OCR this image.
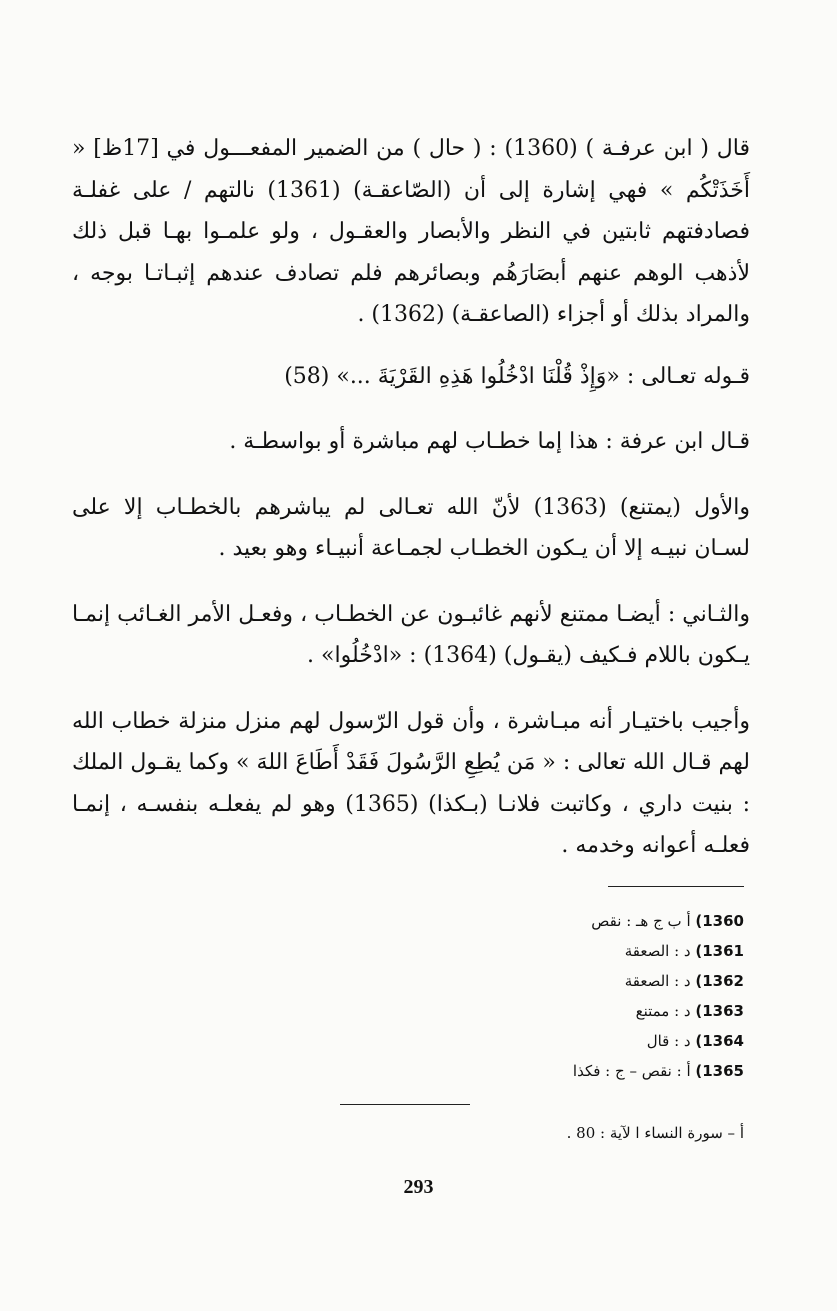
قال ( ابن عرفـة ) (1360) : ( حال ) من الضمير المفعـــول في [17ظ] « أَخَذَتْكُم » فهي إشارة إلى أن (الصّاعقـة) (1361) نالتهم / على غفلـة فصادفتهم ثابتين في النظر والأبصار والعقـول ، ولو علمـوا بهـا قبل ذلك لأذهب الوهم عنهم أبصَارَهُم وبصائرهم فلم تصادف عندهم إثبـاتـا بوجه ، والمراد بذلك أو أجزاء (الصاعقـة) (1362) .

قـوله تعـالى : «وَإِذْ قُلْنَا ادْخُلُوا هَذِهِ القَرْيَةَ ...» (58)

قـال ابن عرفة : هذا إما خطـاب لهم مباشرة أو بواسطـة .

والأول (يمتنع) (1363) لأنّ الله تعـالى لم يباشرهم بالخطـاب إلا على لسـان نبيـه إلا أن يـكون الخطـاب لجمـاعة أنبيـاء وهو بعيد .

والثـاني : أيضـا ممتنع لأنهم غائبـون عن الخطـاب ، وفعـل الأمر الغـائب إنمـا يـكون باللام فـكيف (يقـول) (1364) : «ادْخُلُوا» .

وأجيب باختيـار أنه مبـاشرة ، وأن قول الرّسول لهم منزل منزلة خطاب الله لهم قـال الله تعالى : « مَن يُطِعِ الرَّسُولَ فَقَدْ أَطَاعَ اللهَ » وكما يقـول الملك : بنيت داري ، وكاتبت فلانـا (بـكذا) (1365) وهو لم يفعلـه بنفسـه ، إنمـا فعلـه أعوانه وخدمه .

1360) أ ب ج هـ : نقص
1361) د : الصعقة
1362) د : الصعقة
1363) د : ممتنع
1364) د : قال
1365) أ : نقص – ج : فكذا
أ – سورة النساء ا لآية : 80 .
293
